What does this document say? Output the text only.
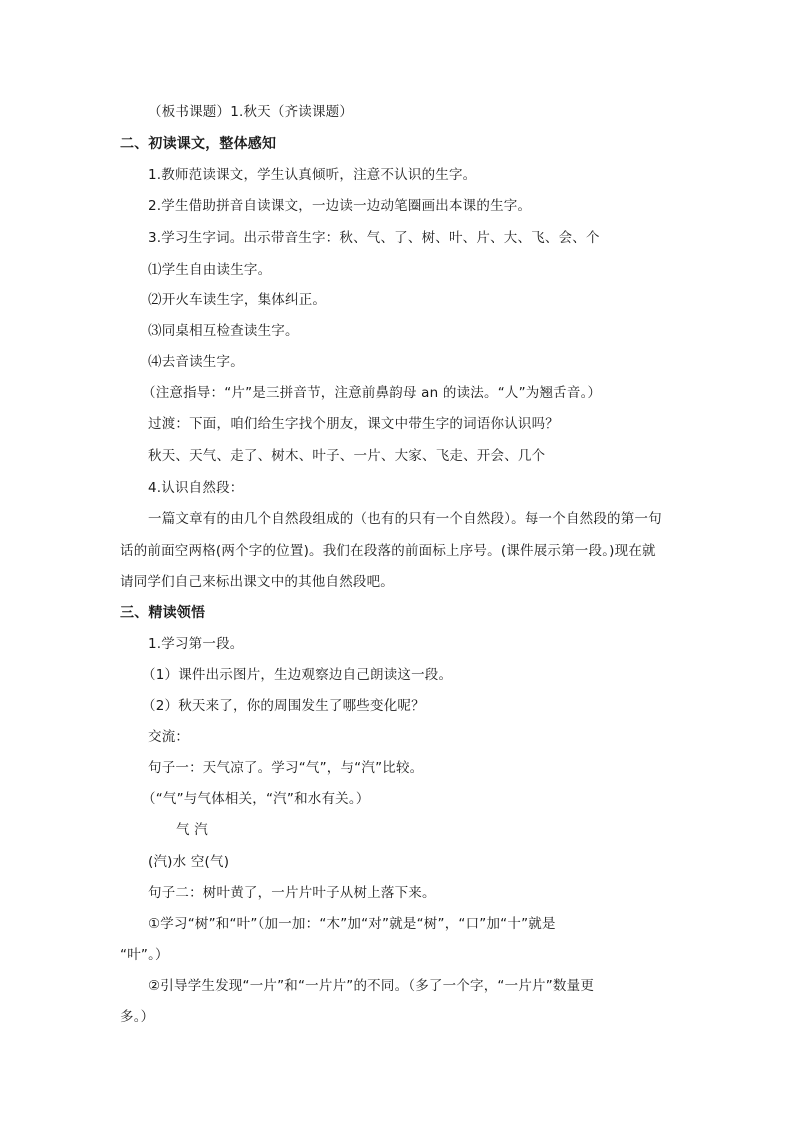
（板书课题）1.秋天（齐读课题）
二、初读课文，整体感知
1.教师范读课文，学生认真倾听，注意不认识的生字。
2.学生借助拼音自读课文，一边读一边动笔圈画出本课的生字。
3.学习生字词。出示带音生字：秋、气、了、树、叶、片、大、飞、会、个
⑴学生自由读生字。
⑵开火车读生字，集体纠正。
⑶同桌相互检查读生字。
⑷去音读生字。
（注意指导：“片”是三拼音节，注意前鼻韵母 an 的读法。“人”为翘舌音。）
过渡：下面，咱们给生字找个朋友，课文中带生字的词语你认识吗？
秋天、天气、走了、树木、叶子、一片、大家、飞走、开会、几个
4.认识自然段：
一篇文章有的由几个自然段组成的（也有的只有一个自然段）。每一个自然段的第一句
话的前面空两格(两个字的位置)。我们在段落的前面标上序号。(课件展示第一段。)现在就
请同学们自己来标出课文中的其他自然段吧。
三、精读领悟
1.学习第一段。
（1）课件出示图片，生边观察边自己朗读这一段。
（2）秋天来了，你的周围发生了哪些变化呢？
交流：
句子一：天气凉了。学习“气”，与“汽”比较。
（“气”与气体相关，“汽”和水有关。）
气 汽
(汽)水 空(气)
句子二：树叶黄了，一片片叶子从树上落下来。
①学习“树”和“叶”（加一加：“木”加“对”就是“树”，“口”加“十”就是
“叶”。）
②引导学生发现“一片”和“一片片”的不同。（多了一个字，“一片片”数量更
多。）
